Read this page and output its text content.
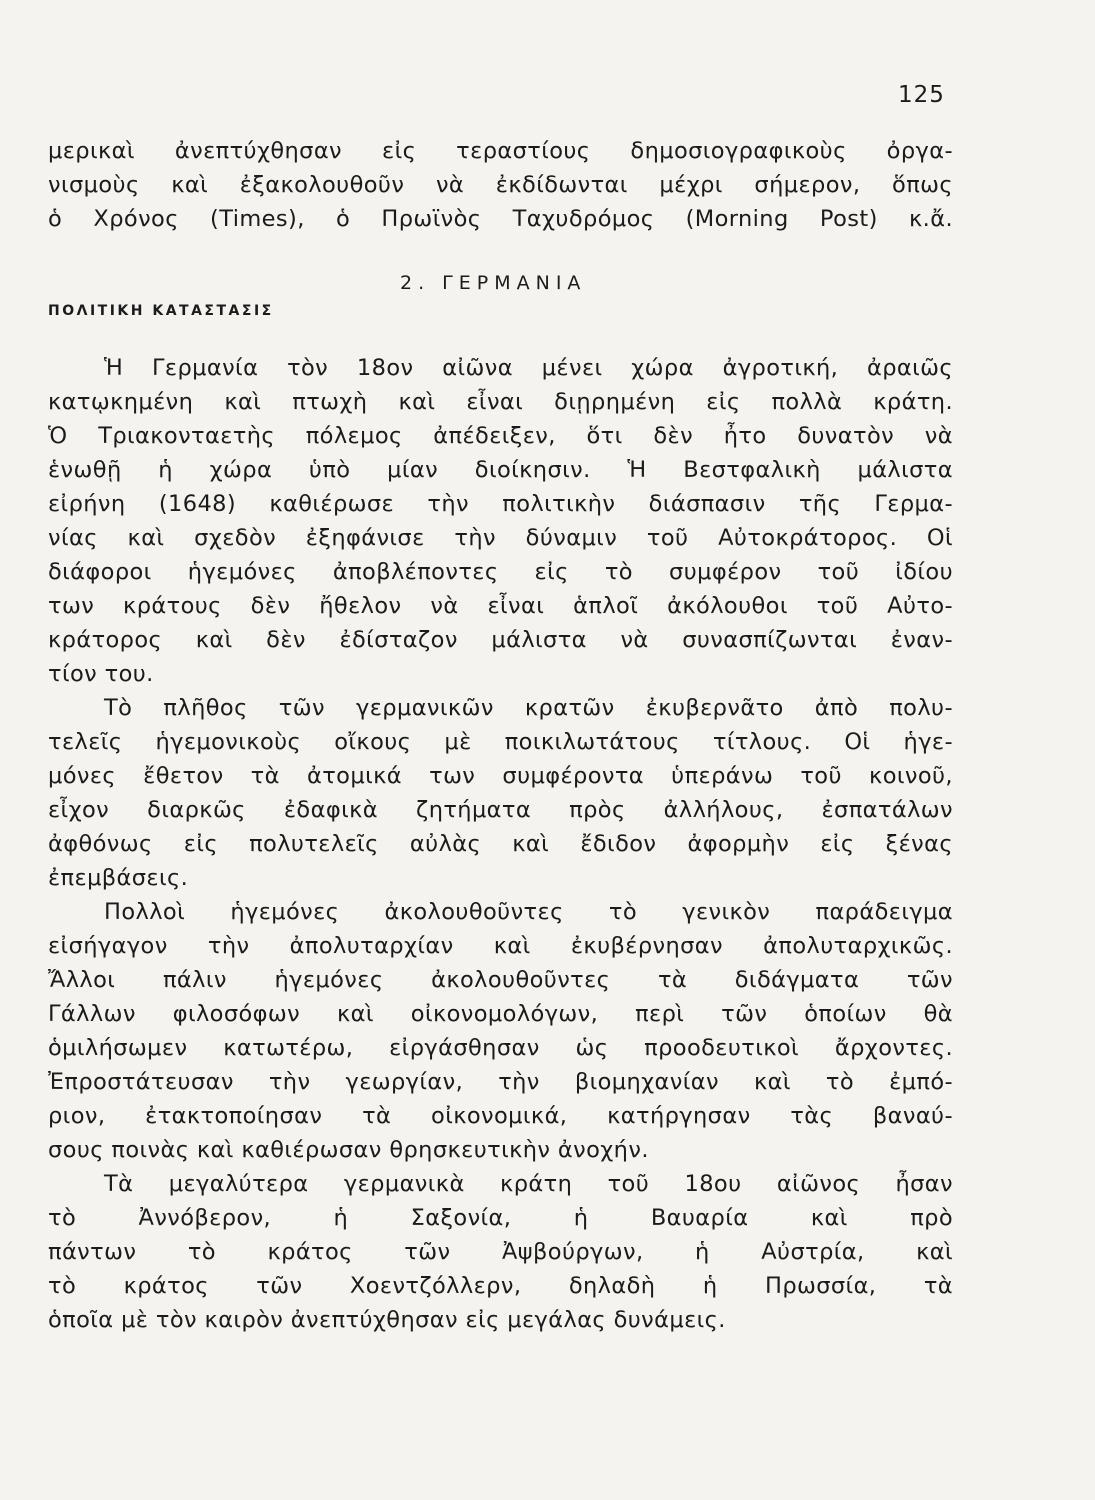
125
μερικαὶ ἀνεπτύχθησαν εἰς τεραστίους δημοσιογραφικοὺς ὀργα-
νισμοὺς καὶ ἐξακολουθοῦν νὰ ἐκδίδωνται μέχρι σήμερον, ὅπως
ὁ Χρόνος (Times), ὁ Πρωϊνὸς Ταχυδρόμος (Morning Post) κ.ἄ.
2. ΓΕΡΜΑΝΙΑ
ΠΟΛΙΤΙΚΗ ΚΑΤΑΣΤΑΣΙΣ
Ἡ Γερμανία τὸν 18ον αἰῶνα μένει χώρα ἀγροτική, ἀραιῶς
κατῳκημένη καὶ πτωχὴ καὶ εἶναι διῃρημένη εἰς πολλὰ κράτη.
Ὁ Τριακονταετὴς πόλεμος ἀπέδειξεν, ὅτι δὲν ἦτο δυνατὸν νὰ
ἑνωθῇ ἡ χώρα ὑπὸ μίαν διοίκησιν. Ἡ Βεστφαλικὴ μάλιστα
εἰρήνη (1648) καθιέρωσε τὴν πολιτικὴν διάσπασιν τῆς Γερμα-
νίας καὶ σχεδὸν ἐξηφάνισε τὴν δύναμιν τοῦ Αὐτοκράτορος. Οἱ
διάφοροι ἡγεμόνες ἀποβλέποντες εἰς τὸ συμφέρον τοῦ ἰδίου
των κράτους δὲν ἤθελον νὰ εἶναι ἁπλοῖ ἀκόλουθοι τοῦ Αὐτο-
κράτορος καὶ δὲν ἐδίσταζον μάλιστα νὰ συνασπίζωνται ἐναν-
τίον του.
Τὸ πλῆθος τῶν γερμανικῶν κρατῶν ἐκυβερνᾶτο ἀπὸ πολυ-
τελεῖς ἡγεμονικοὺς οἴκους μὲ ποικιλωτάτους τίτλους. Οἱ ἡγε-
μόνες ἔθετον τὰ ἀτομικά των συμφέροντα ὑπεράνω τοῦ κοινοῦ,
εἶχον διαρκῶς ἐδαφικὰ ζητήματα πρὸς ἀλλήλους, ἐσπατάλων
ἀφθόνως εἰς πολυτελεῖς αὐλὰς καὶ ἔδιδον ἀφορμὴν εἰς ξένας
ἐπεμβάσεις.
Πολλοὶ ἡγεμόνες ἀκολουθοῦντες τὸ γενικὸν παράδειγμα
εἰσήγαγον τὴν ἀπολυταρχίαν καὶ ἐκυβέρνησαν ἀπολυταρχικῶς.
Ἄλλοι πάλιν ἡγεμόνες ἀκολουθοῦντες τὰ διδάγματα τῶν
Γάλλων φιλοσόφων καὶ οἰκονομολόγων, περὶ τῶν ὁποίων θὰ
ὁμιλήσωμεν κατωτέρω, εἰργάσθησαν ὡς προοδευτικοὶ ἄρχοντες.
Ἐπροστάτευσαν τὴν γεωργίαν, τὴν βιομηχανίαν καὶ τὸ ἐμπό-
ριον, ἐτακτοποίησαν τὰ οἰκονομικά, κατήργησαν τὰς βαναύ-
σους ποινὰς καὶ καθιέρωσαν θρησκευτικὴν ἀνοχήν.
Τὰ μεγαλύτερα γερμανικὰ κράτη τοῦ 18ου αἰῶνος ἦσαν
τὸ Ἀννόβερον, ἡ Σαξονία, ἡ Βαυαρία καὶ πρὸ
πάντων τὸ κράτος τῶν Ἀψβούργων, ἡ Αὐστρία, καὶ
τὸ κράτος τῶν Χοεντζόλλερν, δηλαδὴ ἡ Πρωσσία, τὰ
ὁποῖα μὲ τὸν καιρὸν ἀνεπτύχθησαν εἰς μεγάλας δυνάμεις.
